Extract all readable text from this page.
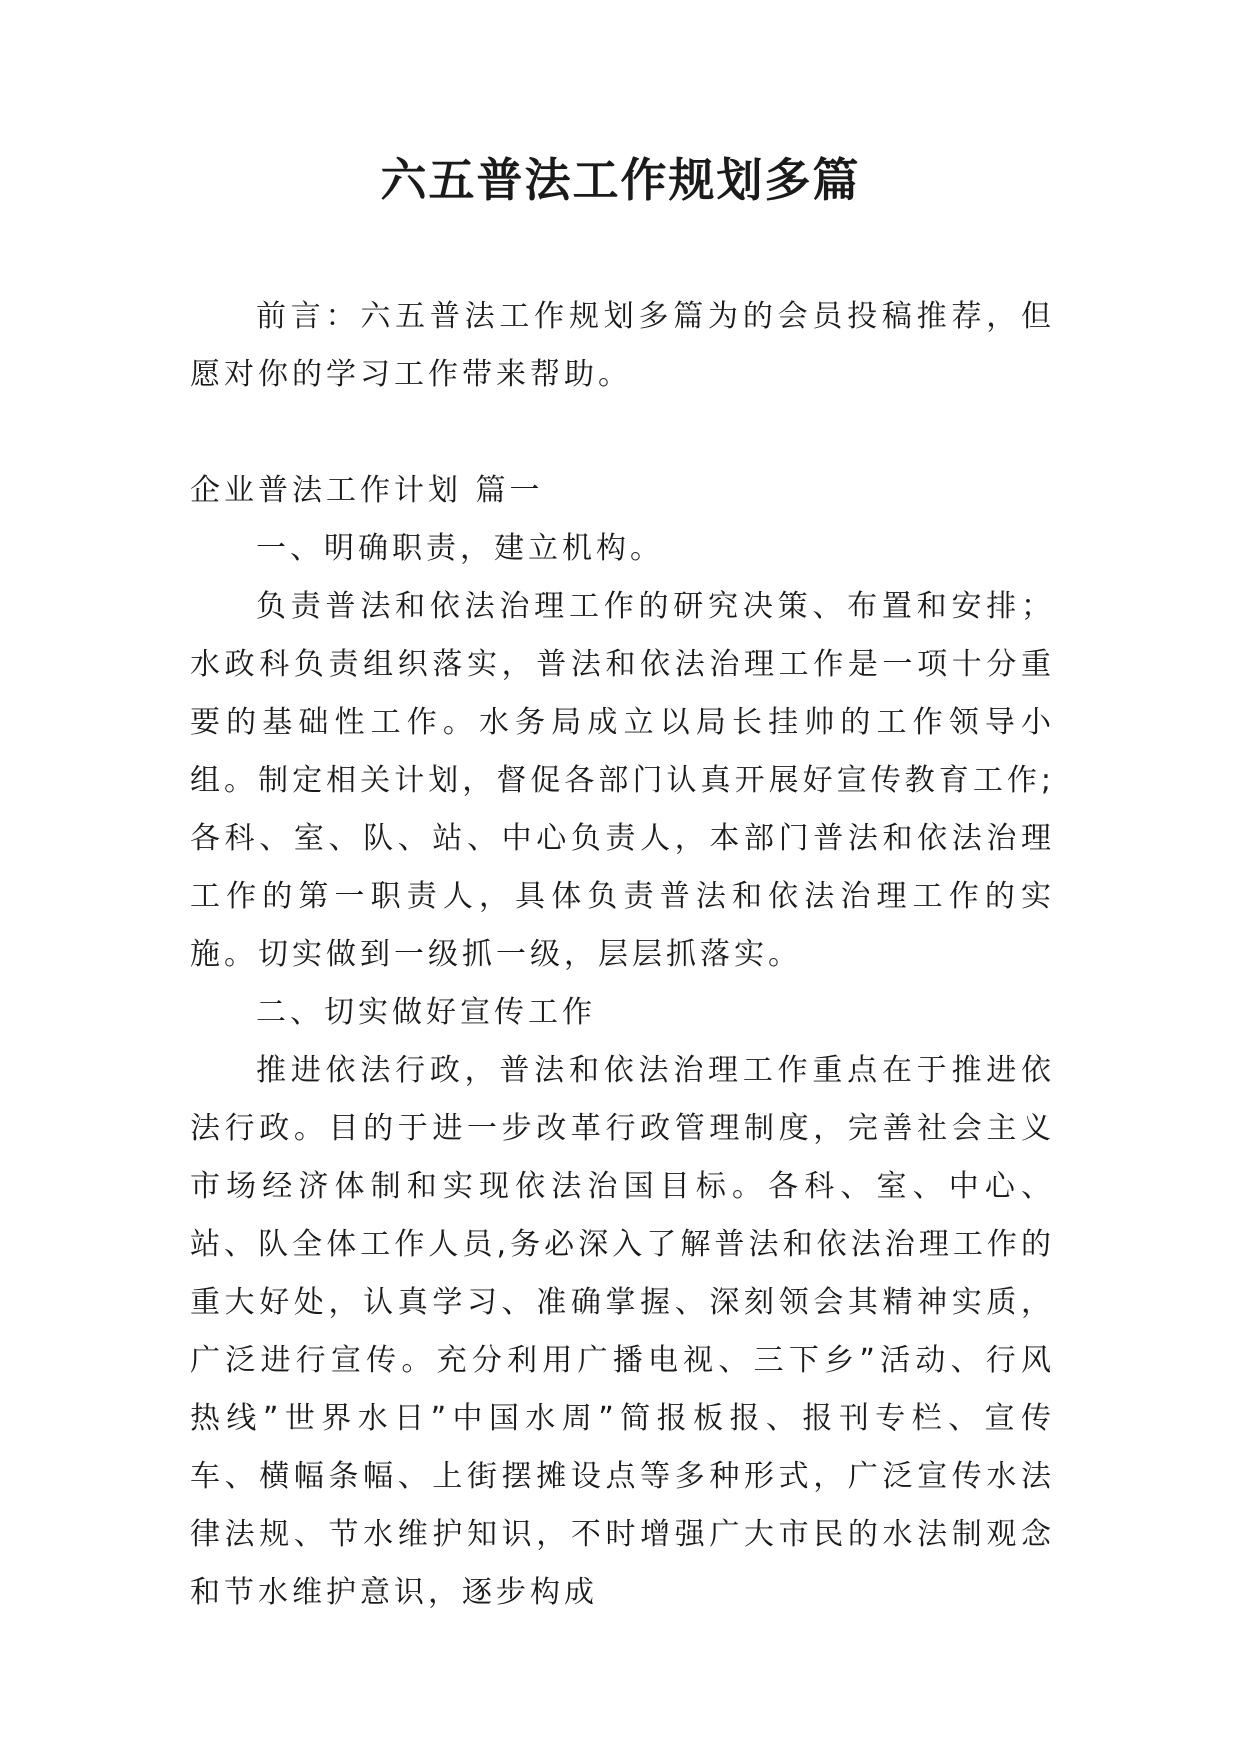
六五普法工作规划多篇

前言：六五普法工作规划多篇为的会员投稿推荐，但愿对你的学习工作带来帮助。

企业普法工作计划 篇一

一、明确职责，建立机构。

负责普法和依法治理工作的研究决策、布置和安排；水政科负责组织落实，普法和依法治理工作是一项十分重要的基础性工作。水务局成立以局长挂帅的工作领导小组。制定相关计划，督促各部门认真开展好宣传教育工作;各科、室、队、站、中心负责人，本部门普法和依法治理工作的第一职责人，具体负责普法和依法治理工作的实施。切实做到一级抓一级，层层抓落实。

二、切实做好宣传工作

推进依法行政，普法和依法治理工作重点在于推进依法行政。目的于进一步改革行政管理制度，完善社会主义市场经济体制和实现依法治国目标。各科、室、中心、站、队全体工作人员,务必深入了解普法和依法治理工作的重大好处，认真学习、准确掌握、深刻领会其精神实质，广泛进行宣传。充分利用广播电视、三下乡”活动、行风热线”世界水日”中国水周”简报板报、报刊专栏、宣传车、横幅条幅、上街摆摊设点等多种形式，广泛宣传水法律法规、节水维护知识，不时增强广大市民的水法制观念和节水维护意识，逐步构成
